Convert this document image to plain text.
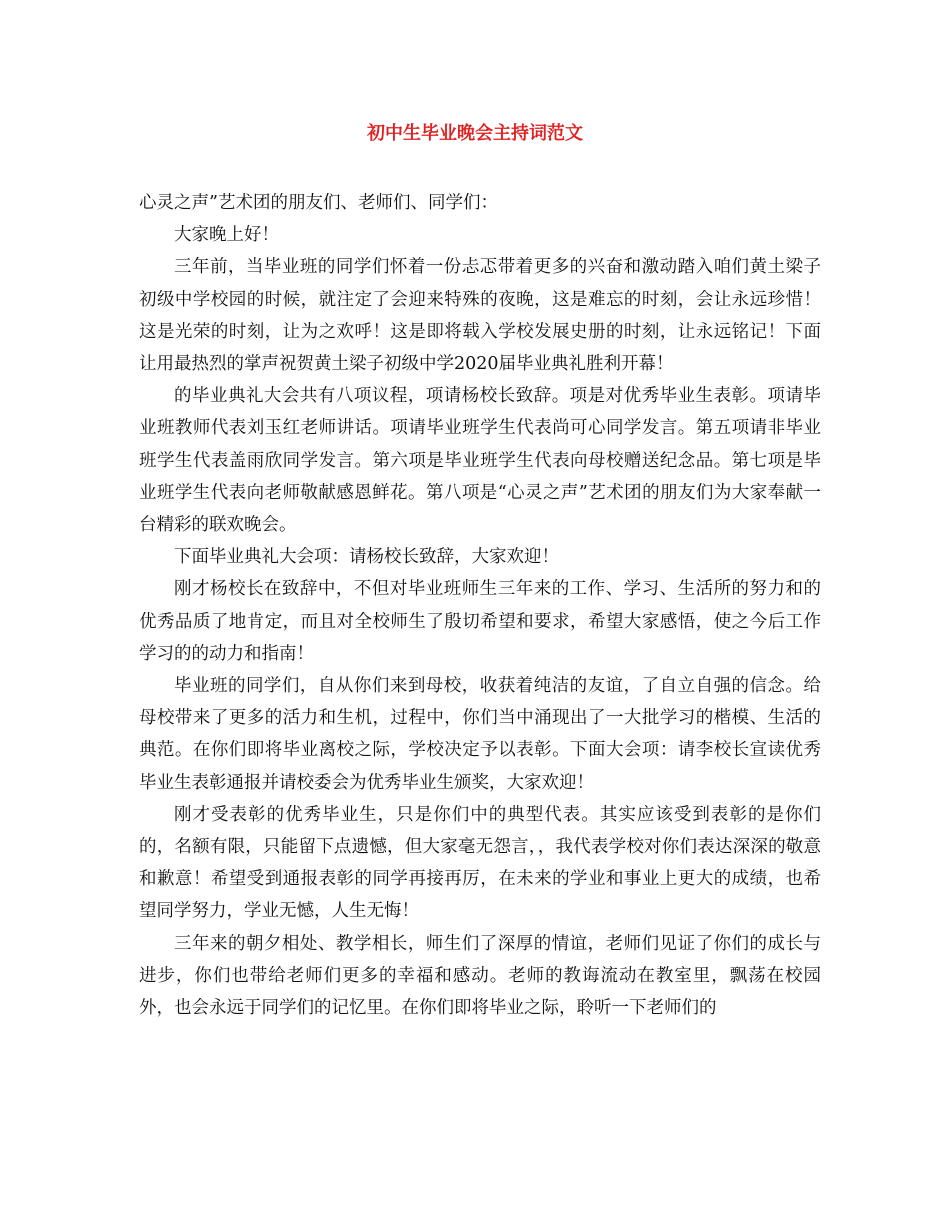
初中生毕业晚会主持词范文

心灵之声”艺术团的朋友们、老师们、同学们：

大家晚上好！

三年前，当毕业班的同学们怀着一份忐忑带着更多的兴奋和激动踏入咱们黄土梁子初级中学校园的时候，就注定了会迎来特殊的夜晚，这是难忘的时刻，会让永远珍惜！这是光荣的时刻，让为之欢呼！这是即将载入学校发展史册的时刻，让永远铭记！下面让用最热烈的掌声祝贺黄土梁子初级中学2020届毕业典礼胜利开幕！

的毕业典礼大会共有八项议程，项请杨校长致辞。项是对优秀毕业生表彰。项请毕业班教师代表刘玉红老师讲话。项请毕业班学生代表尚可心同学发言。第五项请非毕业班学生代表盖雨欣同学发言。第六项是毕业班学生代表向母校赠送纪念品。第七项是毕业班学生代表向老师敬献感恩鲜花。第八项是“心灵之声”艺术团的朋友们为大家奉献一台精彩的联欢晚会。

下面毕业典礼大会项：请杨校长致辞，大家欢迎！

刚才杨校长在致辞中，不但对毕业班师生三年来的工作、学习、生活所的努力和的优秀品质了地肯定，而且对全校师生了殷切希望和要求，希望大家感悟，使之今后工作学习的的动力和指南！

毕业班的同学们，自从你们来到母校，收获着纯洁的友谊，了自立自强的信念。给母校带来了更多的活力和生机，过程中，你们当中涌现出了一大批学习的楷模、生活的典范。在你们即将毕业离校之际，学校决定予以表彰。下面大会项：请李校长宣读优秀毕业生表彰通报并请校委会为优秀毕业生颁奖，大家欢迎！

刚才受表彰的优秀毕业生，只是你们中的典型代表。其实应该受到表彰的是你们的，名额有限，只能留下点遗憾，但大家毫无怨言，，我代表学校对你们表达深深的敬意和歉意！希望受到通报表彰的同学再接再厉，在未来的学业和事业上更大的成绩，也希望同学努力，学业无憾，人生无悔！

三年来的朝夕相处、教学相长，师生们了深厚的情谊，老师们见证了你们的成长与进步，你们也带给老师们更多的幸福和感动。老师的教诲流动在教室里，飘荡在校园外，也会永远于同学们的记忆里。在你们即将毕业之际，聆听一下老师们的
